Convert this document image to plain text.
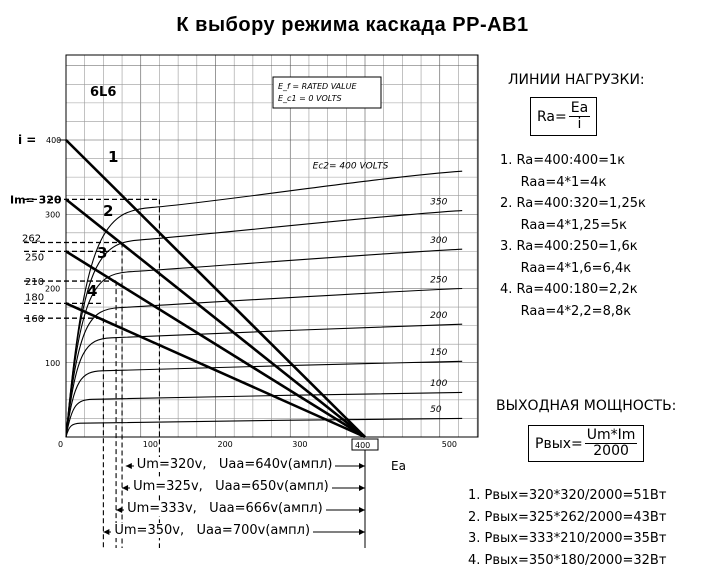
К выбору режима каскада РР-АВ1
Ec2= 400 VOLTS
350
300
250
200
150
100
50
1
2
3
4
0	100	200	300	500
100
200
300
400
6L6	E_f = RATED VALUE
E_c1 = 0 VOLTS
i =
Im= 320
262
250
210
180
160
400
Ea
ЛИНИИ НАГРУЗКИ:
$Ra= \frac{Ea}{i}$
1. Ra=400:400=1к
Raa=4*1=4к
2. Ra=400:320=1,25к
Raa=4*1,25=5к
3. Ra=400:250=1,6к
Raa=4*1,6=6,4к
4. Ra=400:180=2,2к
Raa=4*2,2=8,8к
ВЫХОДНАЯ МОЩНОСТЬ:
Рвых= $\frac{Um*Im}{2000}$
1. Рвых=320*320/2000=51Вт
2. Рвых=325*262/2000=43Вт
3. Рвых=333*210/2000=35Вт
4. Рвых=350*180/2000=32Вт
Um=320v,   Uaa=640v(ампл)
Um=325v,   Uaa=650v(ампл)
Um=333v,   Uaa=666v(ампл)
Um=350v,   Uaa=700v(ампл)
